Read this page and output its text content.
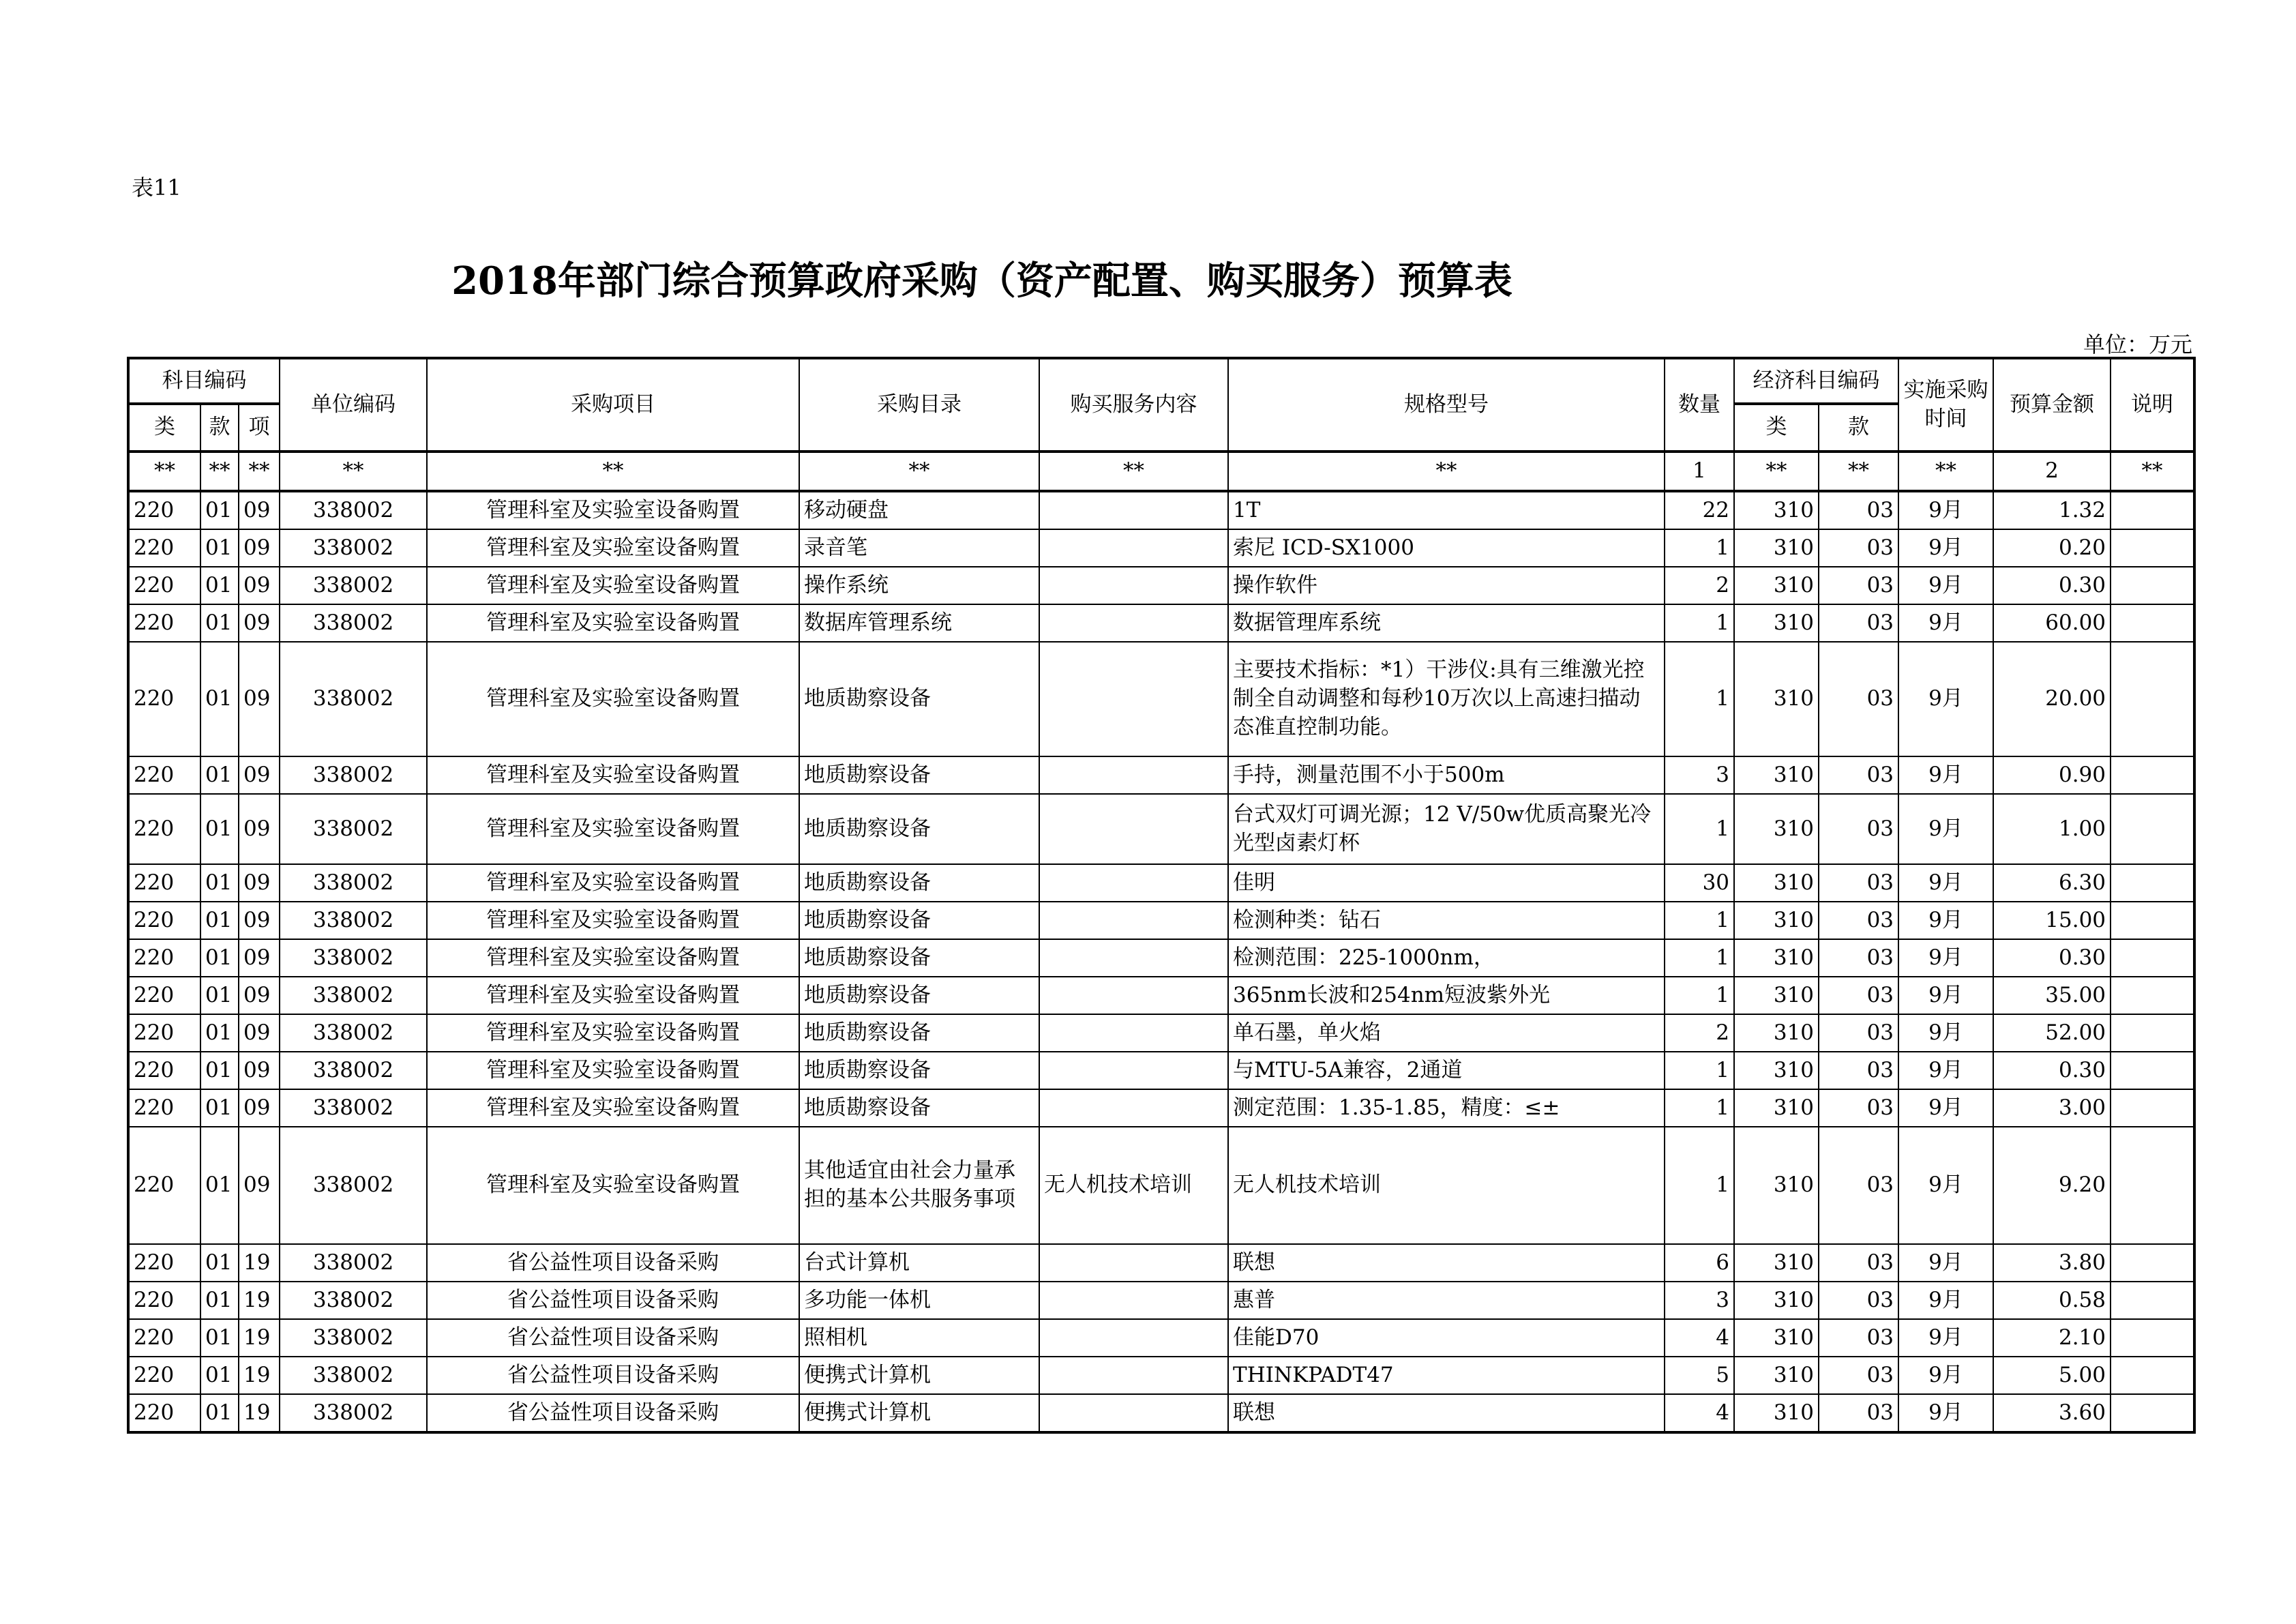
表11
2018年部门综合预算政府采购（资产配置、购买服务）预算表
单位：万元
科目编码			单位编码	采购项目	采购目录	购买服务内容	规格型号	数量	经济科目编码		实施采购时间	预算金额	说明
类	款	项							类	款			
**	**	**	**	**	**	**	**	1	**	**	**	2	**
220	01	09	338002	管理科室及实验室设备购置	移动硬盘		1T	22	310	03	9月	1.32	
220	01	09	338002	管理科室及实验室设备购置	录音笔		索尼 ICD-SX1000	1	310	03	9月	0.20	
220	01	09	338002	管理科室及实验室设备购置	操作系统		操作软件	2	310	03	9月	0.30	
220	01	09	338002	管理科室及实验室设备购置	数据库管理系统		数据管理库系统	1	310	03	9月	60.00	
220	01	09	338002	管理科室及实验室设备购置	地质勘察设备		主要技术指标：*1）干涉仪:具有三维激光控制全自动调整和每秒10万次以上高速扫描动态准直控制功能。	1	310	03	9月	20.00	
220	01	09	338002	管理科室及实验室设备购置	地质勘察设备		手持，测量范围不小于500m	3	310	03	9月	0.90	
220	01	09	338002	管理科室及实验室设备购置	地质勘察设备		台式双灯可调光源；12 V/50w优质高聚光冷光型卤素灯杯	1	310	03	9月	1.00	
220	01	09	338002	管理科室及实验室设备购置	地质勘察设备		佳明	30	310	03	9月	6.30	
220	01	09	338002	管理科室及实验室设备购置	地质勘察设备		检测种类：钻石	1	310	03	9月	15.00	
220	01	09	338002	管理科室及实验室设备购置	地质勘察设备		检测范围：225-1000nm，	1	310	03	9月	0.30	
220	01	09	338002	管理科室及实验室设备购置	地质勘察设备		365nm长波和254nm短波紫外光	1	310	03	9月	35.00	
220	01	09	338002	管理科室及实验室设备购置	地质勘察设备		单石墨，单火焰	2	310	03	9月	52.00	
220	01	09	338002	管理科室及实验室设备购置	地质勘察设备		与MTU-5A兼容，2通道	1	310	03	9月	0.30	
220	01	09	338002	管理科室及实验室设备购置	地质勘察设备		测定范围：1.35-1.85，精度：≤±	1	310	03	9月	3.00	
220	01	09	338002	管理科室及实验室设备购置	其他适宜由社会力量承担的基本公共服务事项	无人机技术培训	无人机技术培训	1	310	03	9月	9.20	
220	01	19	338002	省公益性项目设备采购	台式计算机		联想	6	310	03	9月	3.80	
220	01	19	338002	省公益性项目设备采购	多功能一体机		惠普	3	310	03	9月	0.58	
220	01	19	338002	省公益性项目设备采购	照相机		佳能D70	4	310	03	9月	2.10	
220	01	19	338002	省公益性项目设备采购	便携式计算机		THINKPADT47	5	310	03	9月	5.00	
220	01	19	338002	省公益性项目设备采购	便携式计算机		联想	4	310	03	9月	3.60	
